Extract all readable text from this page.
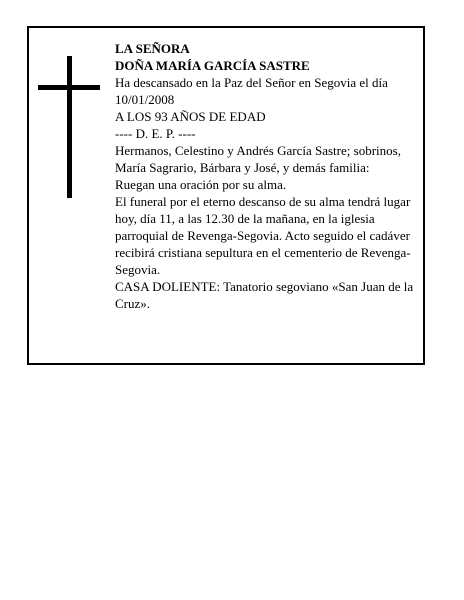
LA SEÑORA

DOÑA MARÍA GARCÍA SASTRE

Ha descansado en la Paz del Señor en Segovia el día 10/01/2008

A LOS 93 AÑOS DE EDAD

---- D. E. P. ----

Hermanos, Celestino y Andrés García Sastre; sobrinos, María Sagrario, Bárbara y José, y demás familia:

Ruegan una oración por su alma.

El funeral por el eterno descanso de su alma tendrá lugar hoy, día 11, a las 12.30 de la mañana, en la iglesia parroquial de Revenga-Segovia. Acto seguido el cadáver recibirá cristiana sepultura en el cementerio de Revenga-Segovia.

CASA DOLIENTE: Tanatorio segoviano «San Juan de la Cruz».
